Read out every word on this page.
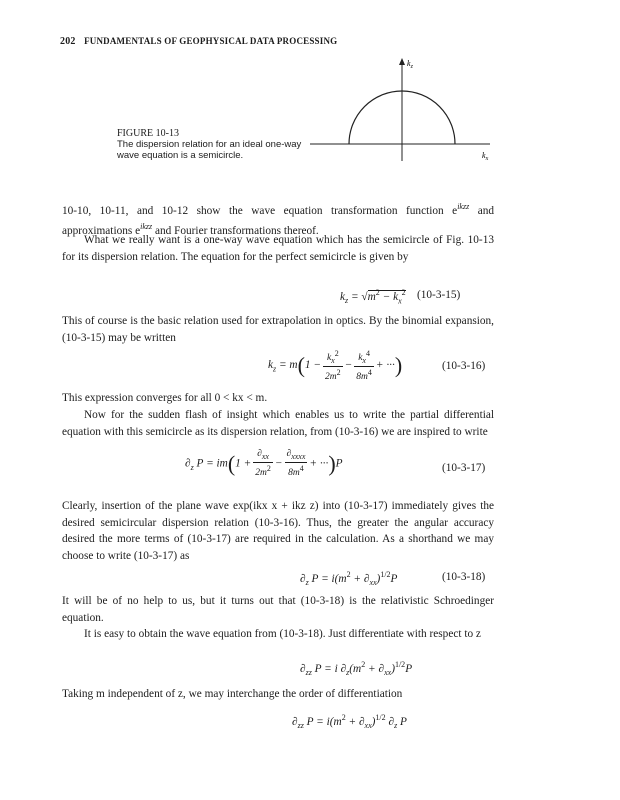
202 FUNDAMENTALS OF GEOPHYSICAL DATA PROCESSING
FIGURE 10-13
The dispersion relation for an ideal one-way wave equation is a semicircle.
$k_z$
$k_x$
10-10, 10-11, and 10-12 show the wave equation transformation function $e^{ikzz}$ and approximations $e^{ikzz}$ and Fourier transformations thereof.
What we really want is a one-way wave equation which has the semicircle of Fig. 10-13 for its dispersion relation. The equation for the perfect semicircle is given by
$k_z = √m^2 - k_x^2$ (10-3-15)
This of course is the basic relation used for extrapolation in optics. By the binomial expansion, (10-3-15) may be written
$k_z = m(1 - \frac{k_x^2}{2m^2} - \frac{k_x^4}{8m^4}$ + ···)	(10-3-16)
This expression converges for all 0 < kx < m.
Now for the sudden flash of insight which enables us to write the partial differential equation with this semicircle as its dispersion relation, from (10-3-16) we are inspired to write
$\partial_z$ $P = im(1 + \frac{\partial_{xx}}{2m^2} - \frac{\partial_{xxxx}}{8m^4} + \cdot\cdot\cdot)P$	(10-3-17)
Clearly, insertion of the plane wave exp(ikx x + ikz z) into (10-3-17) immediately gives the desired semicircular dispersion relation (10-3-16). Thus, the greater the angular accuracy desired the more terms of (10-3-17) are required in the calculation. As a shorthand we may choose to write (10-3-17) as
$\partial_z$ $P = i(m^2 + \partial_{xx})^{1/2}P$	(10-3-18)
It will be of no help to us, but it turns out that (10-3-18) is the relativistic Schroedinger equation.
It is easy to obtain the wave equation from (10-3-18). Just differentiate with respect to z
$\partial_{zz}$ P = i $\partial_z(m^2 + \partial_{xx})^{1/2}P$
Taking m independent of z, we may interchange the order of differentiation
$\partial_{zz}$ $P = i(m^2 + \partial_{xx})^{1/2}$ $\partial_z$ P
